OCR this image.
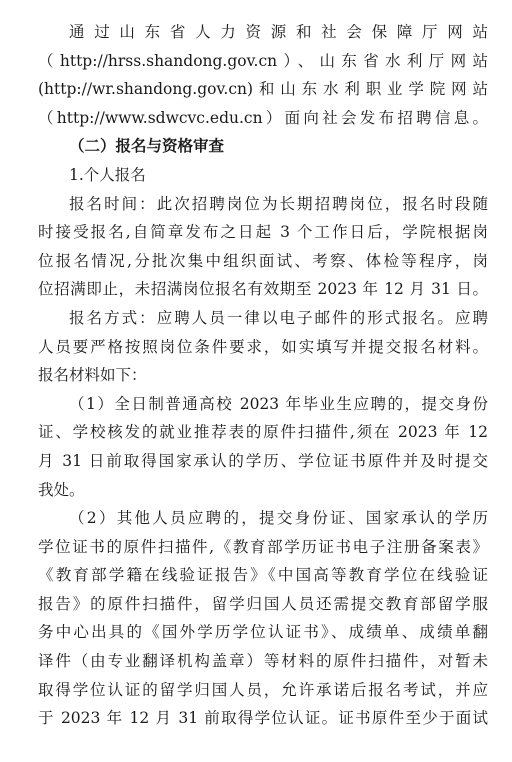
通过山东省人力资源和社会保障厅网站
（http://hrss.shandong.gov.cn）、山东省水利厅网站
(http://wr.shandong.gov.cn)和山东水利职业学院网站
（http://www.sdwcvc.edu.cn）面向社会发布招聘信息。
（二）报名与资格审查
1.个人报名
报名时间：此次招聘岗位为长期招聘岗位，报名时段随
时接受报名,自简章发布之日起 3 个工作日后，学院根据岗
位报名情况,分批次集中组织面试、考察、体检等程序，岗
位招满即止，未招满岗位报名有效期至 2023 年 12 月 31 日。
报名方式：应聘人员一律以电子邮件的形式报名。应聘
人员要严格按照岗位条件要求，如实填写并提交报名材料。
报名材料如下：
（1）全日制普通高校 2023 年毕业生应聘的，提交身份
证、学校核发的就业推荐表的原件扫描件,须在 2023 年 12
月 31 日前取得国家承认的学历、学位证书原件并及时提交
我处。
（2）其他人员应聘的，提交身份证、国家承认的学历
学位证书的原件扫描件,《教育部学历证书电子注册备案表》
《教育部学籍在线验证报告》《中国高等教育学位在线验证
报告》的原件扫描件，留学归国人员还需提交教育部留学服
务中心出具的《国外学历学位认证书》、成绩单、成绩单翻
译件（由专业翻译机构盖章）等材料的原件扫描件，对暂未
取得学位认证的留学归国人员，允许承诺后报名考试，并应
于 2023 年 12 月 31 前取得学位认证。证书原件至少于面试
